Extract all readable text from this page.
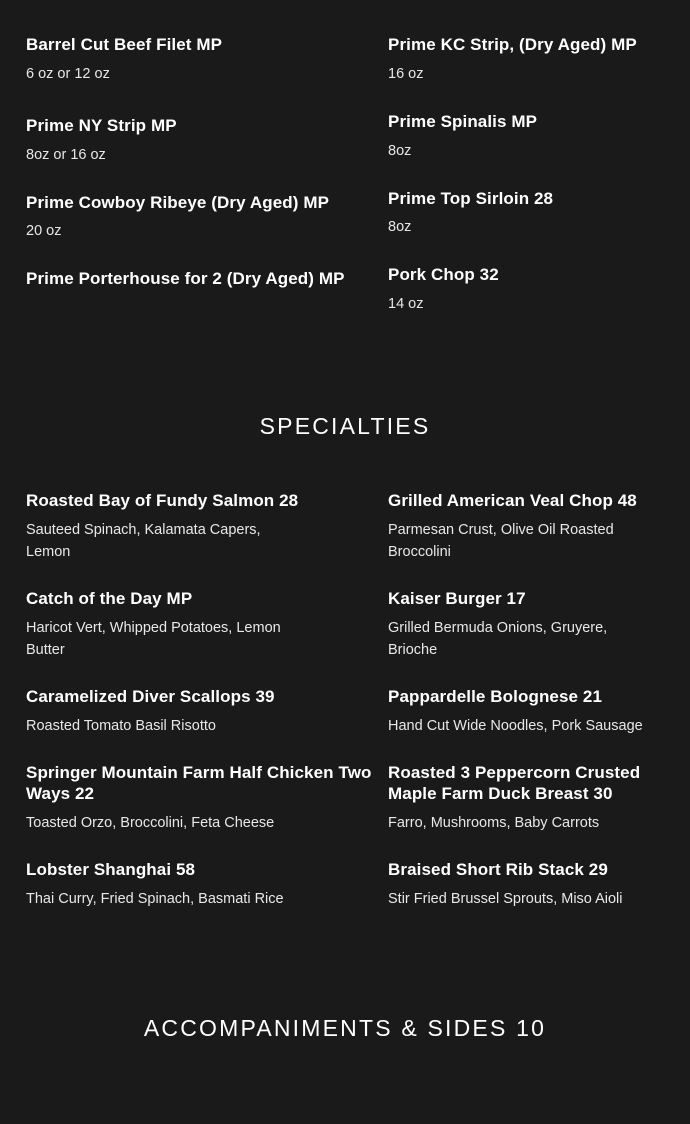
Barrel Cut Beef Filet MP

6 oz or 12 oz

Prime NY Strip MP

8oz or 16 oz

Prime Cowboy Ribeye (Dry Aged) MP

20 oz

Prime Porterhouse for 2 (Dry Aged) MP

Prime KC Strip, (Dry Aged) MP

16 oz

Prime Spinalis MP

8oz

Prime Top Sirloin 28

8oz

Pork Chop 32

14 oz

SPECIALTIES

Roasted Bay of Fundy Salmon 28

Sauteed Spinach, Kalamata Capers, Lemon

Catch of the Day MP

Haricot Vert, Whipped Potatoes, Lemon Butter

Caramelized Diver Scallops 39

Roasted Tomato Basil Risotto

Springer Mountain Farm Half Chicken Two Ways 22

Toasted Orzo, Broccolini, Feta Cheese

Lobster Shanghai 58

Thai Curry, Fried Spinach, Basmati Rice

Grilled American Veal Chop 48

Parmesan Crust, Olive Oil Roasted Broccolini

Kaiser Burger 17

Grilled Bermuda Onions, Gruyere, Brioche

Pappardelle Bolognese 21

Hand Cut Wide Noodles, Pork Sausage

Roasted 3 Peppercorn Crusted Maple Farm Duck Breast 30

Farro, Mushrooms, Baby Carrots

Braised Short Rib Stack 29

Stir Fried Brussel Sprouts, Miso Aioli

ACCOMPANIMENTS & SIDES 10
